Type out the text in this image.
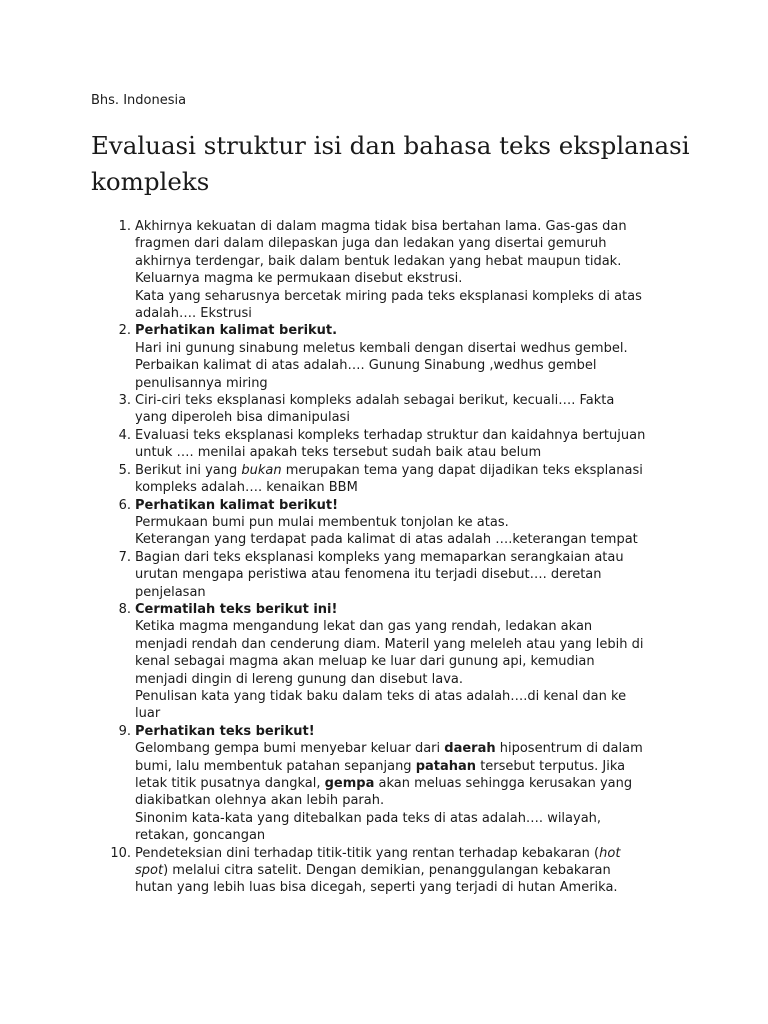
Bhs. Indonesia
Evaluasi struktur isi dan bahasa teks eksplanasi kompleks
1. Akhirnya kekuatan di dalam magma tidak bisa bertahan lama. Gas-gas dan
fragmen dari dalam dilepaskan juga dan ledakan yang disertai gemuruh
akhirnya terdengar, baik dalam bentuk ledakan yang hebat maupun tidak.
Keluarnya magma ke permukaan disebut ekstrusi.
Kata yang seharusnya bercetak miring pada teks eksplanasi kompleks di atas
adalah…. Ekstrusi
2. Perhatikan kalimat berikut.
Hari ini gunung sinabung meletus kembali dengan disertai wedhus gembel.
Perbaikan kalimat di atas adalah…. Gunung Sinabung ,wedhus gembel
penulisannya miring
3. Ciri-ciri teks eksplanasi kompleks adalah sebagai berikut, kecuali…. Fakta
yang diperoleh bisa dimanipulasi
4. Evaluasi teks eksplanasi kompleks terhadap struktur dan kaidahnya bertujuan
untuk …. menilai apakah teks tersebut sudah baik atau belum
5. Berikut ini yang bukan merupakan tema yang dapat dijadikan teks eksplanasi
kompleks adalah…. kenaikan BBM
6. Perhatikan kalimat berikut!
Permukaan bumi pun mulai membentuk tonjolan ke atas.
Keterangan yang terdapat pada kalimat di atas adalah ….keterangan tempat
7. Bagian dari teks eksplanasi kompleks yang memaparkan serangkaian atau
urutan mengapa peristiwa atau fenomena itu terjadi disebut…. deretan
penjelasan
8. Cermatilah teks berikut ini!
Ketika magma mengandung lekat dan gas yang rendah, ledakan akan
menjadi rendah dan cenderung diam. Materil yang meleleh atau yang lebih di
kenal sebagai magma akan meluap ke luar dari gunung api, kemudian
menjadi dingin di lereng gunung dan disebut lava.
Penulisan kata yang tidak baku dalam teks di atas adalah….di kenal dan ke
luar
9. Perhatikan teks berikut!
Gelombang gempa bumi menyebar keluar dari daerah hiposentrum di dalam
bumi, lalu membentuk patahan sepanjang patahan tersebut terputus. Jika
letak titik pusatnya dangkal, gempa akan meluas sehingga kerusakan yang
diakibatkan olehnya akan lebih parah.
Sinonim kata-kata yang ditebalkan pada teks di atas adalah…. wilayah,
retakan, goncangan
10. Pendeteksian dini terhadap titik-titik yang rentan terhadap kebakaran (hot
spot) melalui citra satelit. Dengan demikian, penanggulangan kebakaran
hutan yang lebih luas bisa dicegah, seperti yang terjadi di hutan Amerika.
